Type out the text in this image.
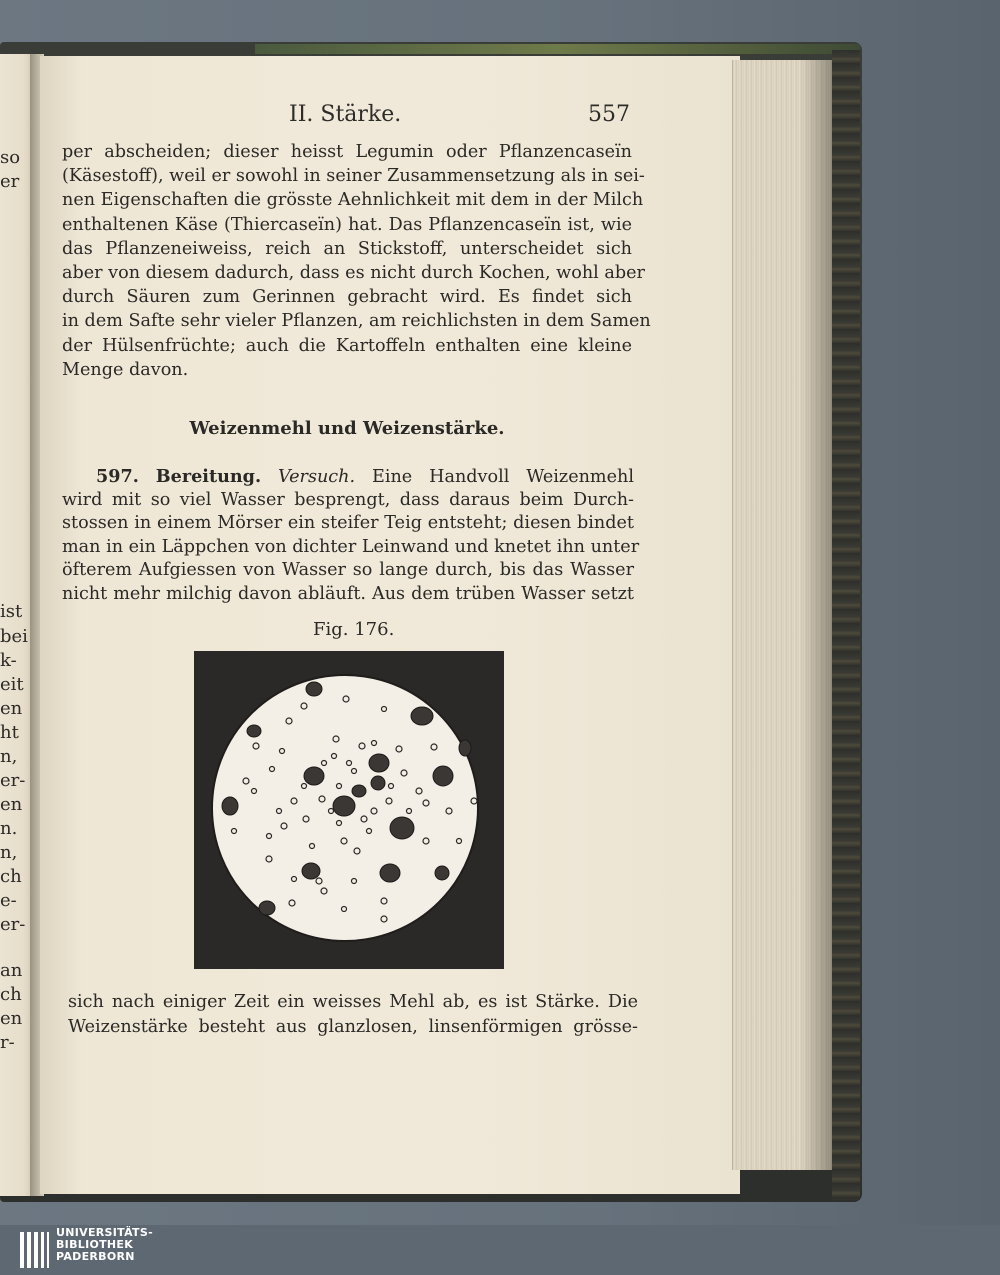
so
er
ist
bei
k-
eit
en
ht
n,
er-
en
n.
n,
ch
e-
er-
an
ch
en
r-
II. Stärke.	557
per abscheiden; dieser heisst Legumin oder Pflanzencaseïn
(Käsestoff), weil er sowohl in seiner Zusammensetzung als in sei-
nen Eigenschaften die grösste Aehnlichkeit mit dem in der Milch
enthaltenen Käse (Thiercaseïn) hat. Das Pflanzencaseïn ist, wie
das Pflanzeneiweiss, reich an Stickstoff, unterscheidet sich
aber von diesem dadurch, dass es nicht durch Kochen, wohl aber
durch Säuren zum Gerinnen gebracht wird. Es findet sich
in dem Safte sehr vieler Pflanzen, am reichlichsten in dem Samen
der Hülsenfrüchte; auch die Kartoffeln enthalten eine kleine
Menge davon.
Weizenmehl und Weizenstärke.
597. Bereitung. Versuch. Eine Handvoll Weizenmehl
wird mit so viel Wasser besprengt, dass daraus beim Durch-
stossen in einem Mörser ein steifer Teig entsteht; diesen bindet
man in ein Läppchen von dichter Leinwand und knetet ihn unter
öfterem Aufgiessen von Wasser so lange durch, bis das Wasser
nicht mehr milchig davon abläuft. Aus dem trüben Wasser setzt
Fig. 176.
sich nach einiger Zeit ein weisses Mehl ab, es ist Stärke. Die
Weizenstärke besteht aus glanzlosen, linsenförmigen grösse-
UNIVERSITÄTS-
BIBLIOTHEK
PADERBORN
